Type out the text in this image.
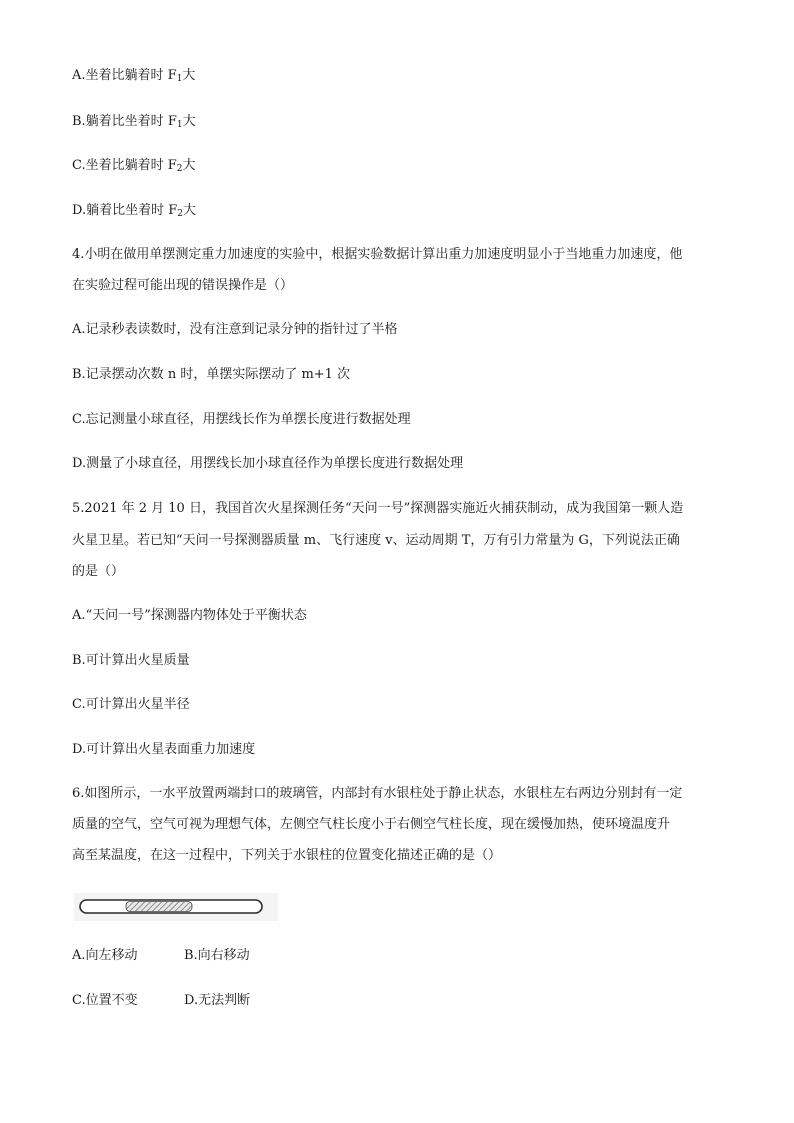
A.坐着比躺着时 $F_1$大
B.躺着比坐着时 $F_1$大
C.坐着比躺着时 $F_2$大
D.躺着比坐着时 $F_2$大
4.小明在做用单摆测定重力加速度的实验中，根据实验数据计算出重力加速度明显小于当地重力加速度，他
在实验过程可能出现的错误操作是（）
A.记录秒表读数时，没有注意到记录分钟的指针过了半格
B.记录摆动次数 n 时，单摆实际摆动了 m+1 次
C.忘记测量小球直径，用摆线长作为单摆长度进行数据处理
D.测量了小球直径，用摆线长加小球直径作为单摆长度进行数据处理
5.2021 年 2 月 10 日，我国首次火星探测任务“天问一号”探测器实施近火捕获制动，成为我国第一颗人造
火星卫星。若已知“天问一号探测器质量 m、飞行速度 v、运动周期 T，万有引力常量为 G，下列说法正确
的是（）
A.“天问一号”探测器内物体处于平衡状态
B.可计算出火星质量
C.可计算出火星半径
D.可计算出火星表面重力加速度
6.如图所示，一水平放置两端封口的玻璃管，内部封有水银柱处于静止状态，水银柱左右两边分别封有一定
质量的空气，空气可视为理想气体，左侧空气柱长度小于右侧空气柱长度，现在缓慢加热，使环境温度升
高至某温度，在这一过程中，下列关于水银柱的位置变化描述正确的是（）
A.向左移动	B.向右移动
C.位置不变	D.无法判断
